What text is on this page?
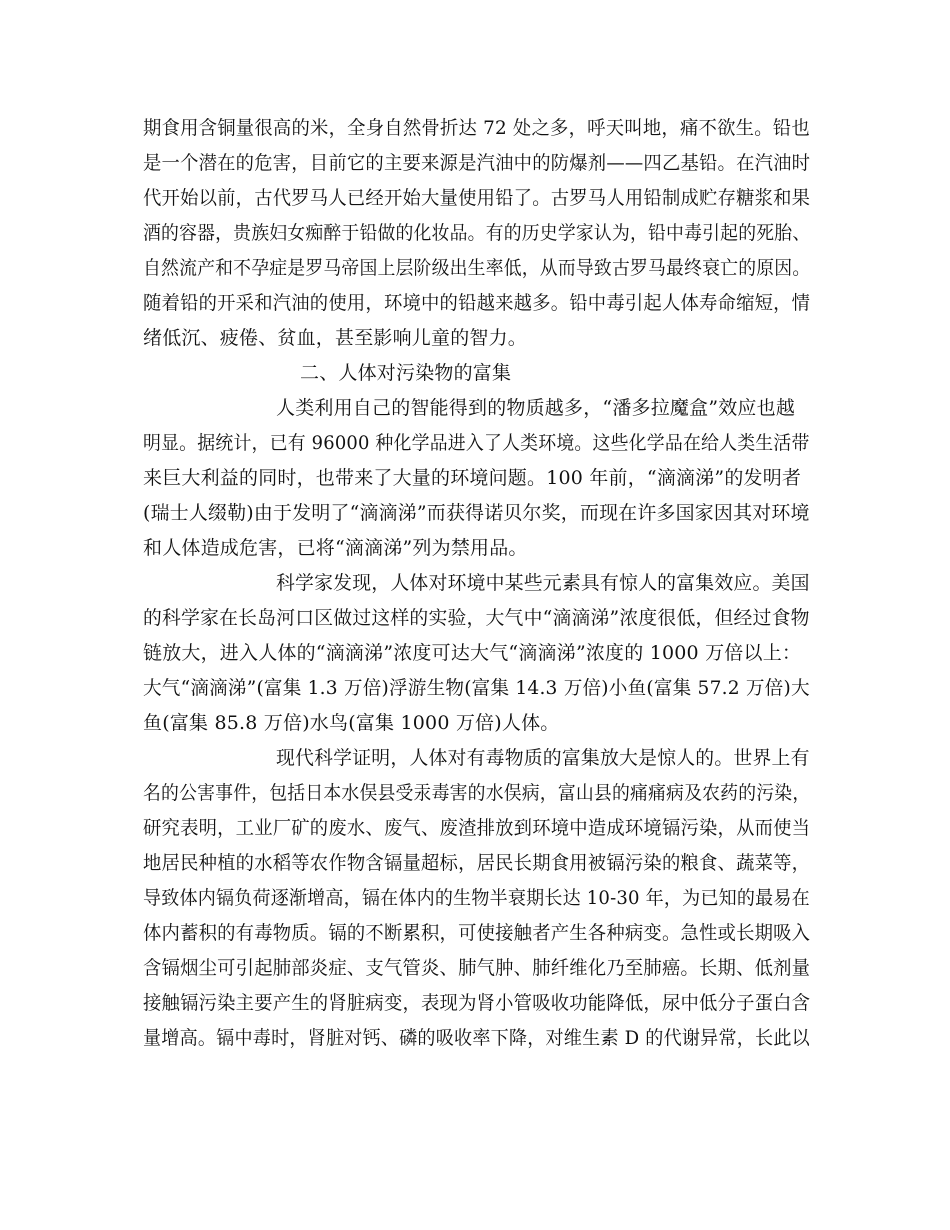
期食用含铜量很高的米，全身自然骨折达 72 处之多，呼天叫地，痛不欲生。铅也
是一个潜在的危害，目前它的主要来源是汽油中的防爆剂——四乙基铅。在汽油时
代开始以前，古代罗马人已经开始大量使用铅了。古罗马人用铅制成贮存糖浆和果
酒的容器，贵族妇女痴醉于铅做的化妆品。有的历史学家认为，铅中毒引起的死胎、
自然流产和不孕症是罗马帝国上层阶级出生率低，从而导致古罗马最终衰亡的原因。
随着铅的开采和汽油的使用，环境中的铅越来越多。铅中毒引起人体寿命缩短，情
绪低沉、疲倦、贫血，甚至影响儿童的智力。
二、人体对污染物的富集
人类利用自己的智能得到的物质越多，“潘多拉魔盒”效应也越
明显。据统计，已有 96000 种化学品进入了人类环境。这些化学品在给人类生活带
来巨大利益的同时，也带来了大量的环境问题。100 年前，“滴滴涕”的发明者
(瑞士人缀勒)由于发明了“滴滴涕”而获得诺贝尔奖，而现在许多国家因其对环境
和人体造成危害，已将“滴滴涕”列为禁用品。
科学家发现，人体对环境中某些元素具有惊人的富集效应。美国
的科学家在长岛河口区做过这样的实验，大气中“滴滴涕”浓度很低，但经过食物
链放大，进入人体的“滴滴涕”浓度可达大气“滴滴涕”浓度的 1000 万倍以上：
大气“滴滴涕”(富集 1.3 万倍)浮游生物(富集 14.3 万倍)小鱼(富集 57.2 万倍)大
鱼(富集 85.8 万倍)水鸟(富集 1000 万倍)人体。
现代科学证明，人体对有毒物质的富集放大是惊人的。世界上有
名的公害事件，包括日本水俣县受汞毒害的水俣病，富山县的痛痛病及农药的污染，
研究表明，工业厂矿的废水、废气、废渣排放到环境中造成环境镉污染，从而使当
地居民种植的水稻等农作物含镉量超标，居民长期食用被镉污染的粮食、蔬菜等，
导致体内镉负荷逐渐增高，镉在体内的生物半衰期长达 10-30 年，为已知的最易在
体内蓄积的有毒物质。镉的不断累积，可使接触者产生各种病变。急性或长期吸入
含镉烟尘可引起肺部炎症、支气管炎、肺气肿、肺纤维化乃至肺癌。长期、低剂量
接触镉污染主要产生的肾脏病变，表现为肾小管吸收功能降低，尿中低分子蛋白含
量增高。镉中毒时，肾脏对钙、磷的吸收率下降，对维生素 D 的代谢异常，长此以
